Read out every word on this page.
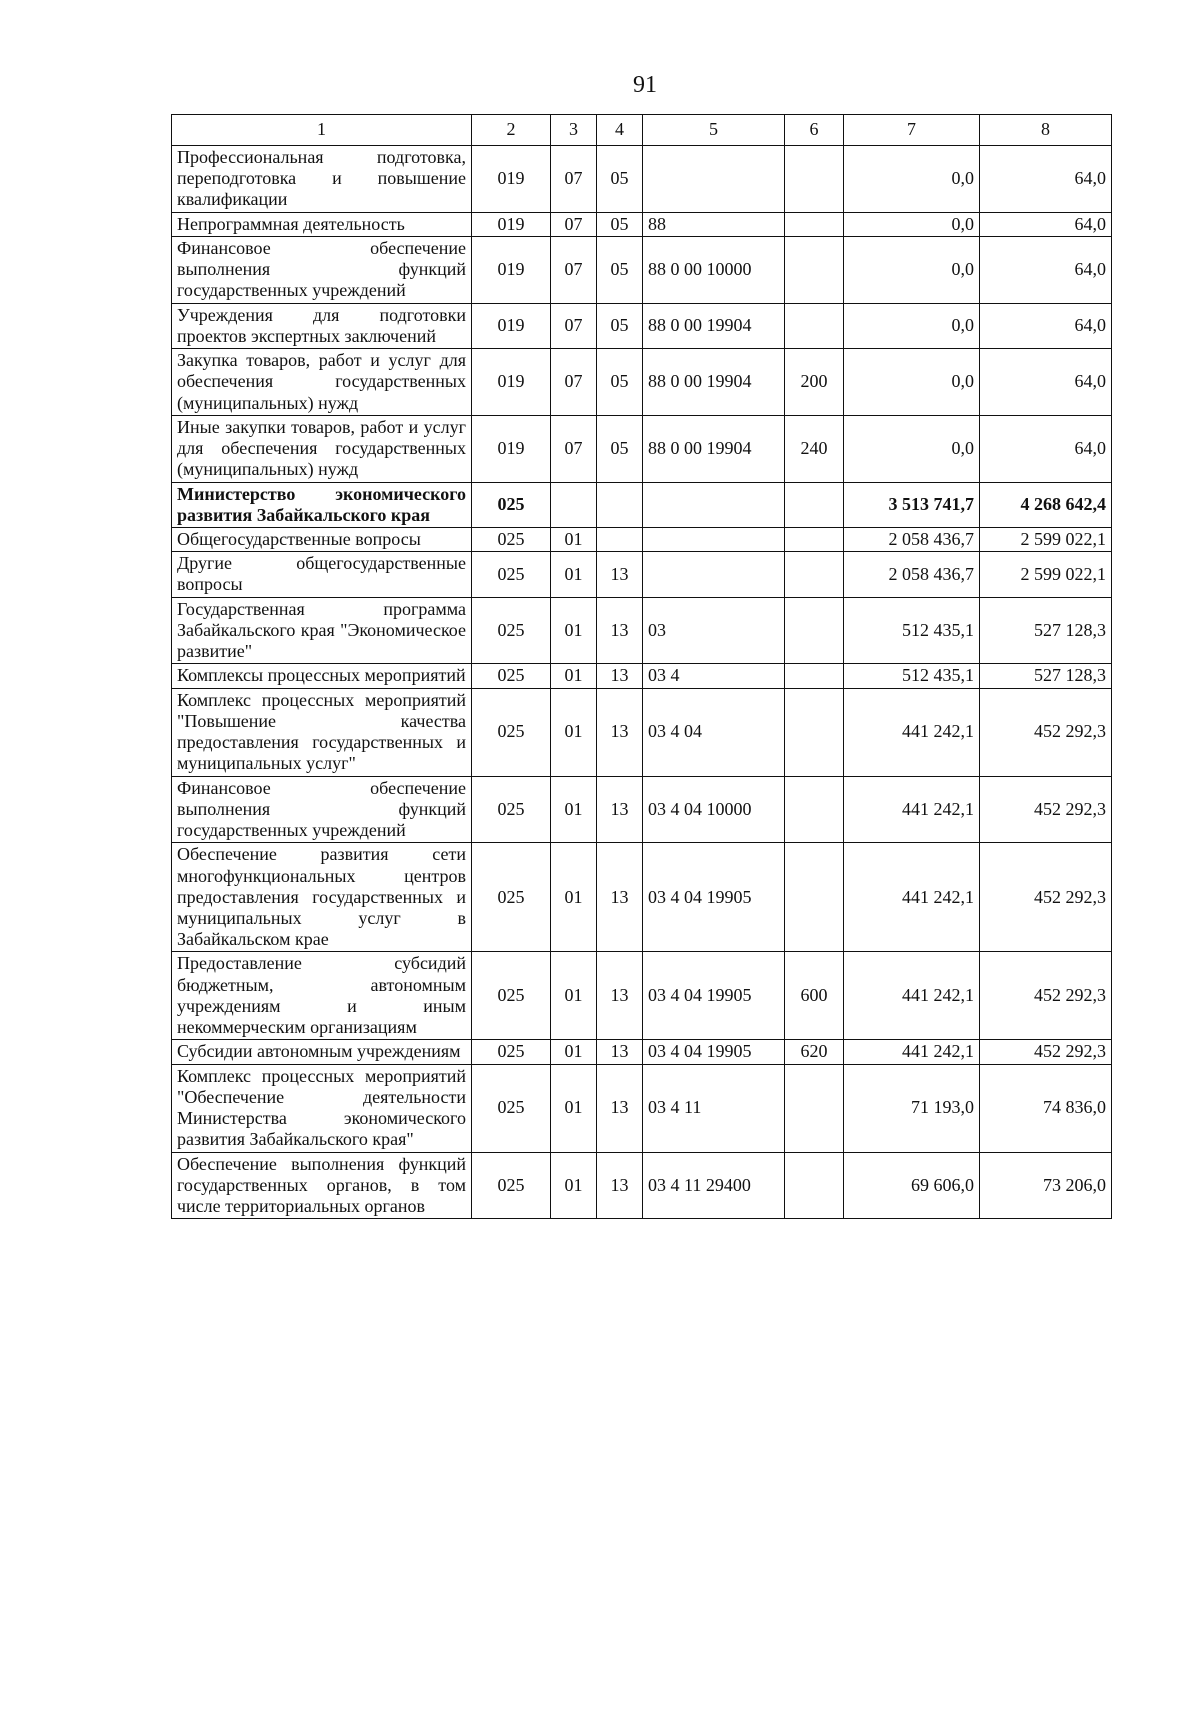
91
1	2	3	4	5	6	7	8
Профессиональная подготовка, переподготовка и повышение квалификации	019	07	05			0,0	64,0
Непрограммная деятельность	019	07	05	88		0,0	64,0
Финансовое обеспечение выполнения функций государственных учреждений	019	07	05	88 0 00 10000		0,0	64,0
Учреждения для подготовки проектов экспертных заключений	019	07	05	88 0 00 19904		0,0	64,0
Закупка товаров, работ и услуг для обеспечения государственных (муниципальных) нужд	019	07	05	88 0 00 19904	200	0,0	64,0
Иные закупки товаров, работ и услуг для обеспечения государственных (муниципальных) нужд	019	07	05	88 0 00 19904	240	0,0	64,0
Министерство экономического развития Забайкальского края	025					3 513 741,7	4 268 642,4
Общегосударственные вопросы	025	01				2 058 436,7	2 599 022,1
Другие общегосударственные вопросы	025	01	13			2 058 436,7	2 599 022,1
Государственная программа Забайкальского края "Экономическое развитие"	025	01	13	03		512 435,1	527 128,3
Комплексы процессных мероприятий	025	01	13	03 4		512 435,1	527 128,3
Комплекс процессных мероприятий "Повышение качества предоставления государственных и муниципальных услуг"	025	01	13	03 4 04		441 242,1	452 292,3
Финансовое обеспечение выполнения функций государственных учреждений	025	01	13	03 4 04 10000		441 242,1	452 292,3
Обеспечение развития сети многофункциональных центров предоставления государственных и муниципальных услуг в Забайкальском крае	025	01	13	03 4 04 19905		441 242,1	452 292,3
Предоставление субсидий бюджетным, автономным учреждениям и иным некоммерческим организациям	025	01	13	03 4 04 19905	600	441 242,1	452 292,3
Субсидии автономным учреждениям	025	01	13	03 4 04 19905	620	441 242,1	452 292,3
Комплекс процессных мероприятий "Обеспечение деятельности Министерства экономического развития Забайкальского края"	025	01	13	03 4 11		71 193,0	74 836,0
Обеспечение выполнения функций государственных органов, в том числе территориальных органов	025	01	13	03 4 11 29400		69 606,0	73 206,0
